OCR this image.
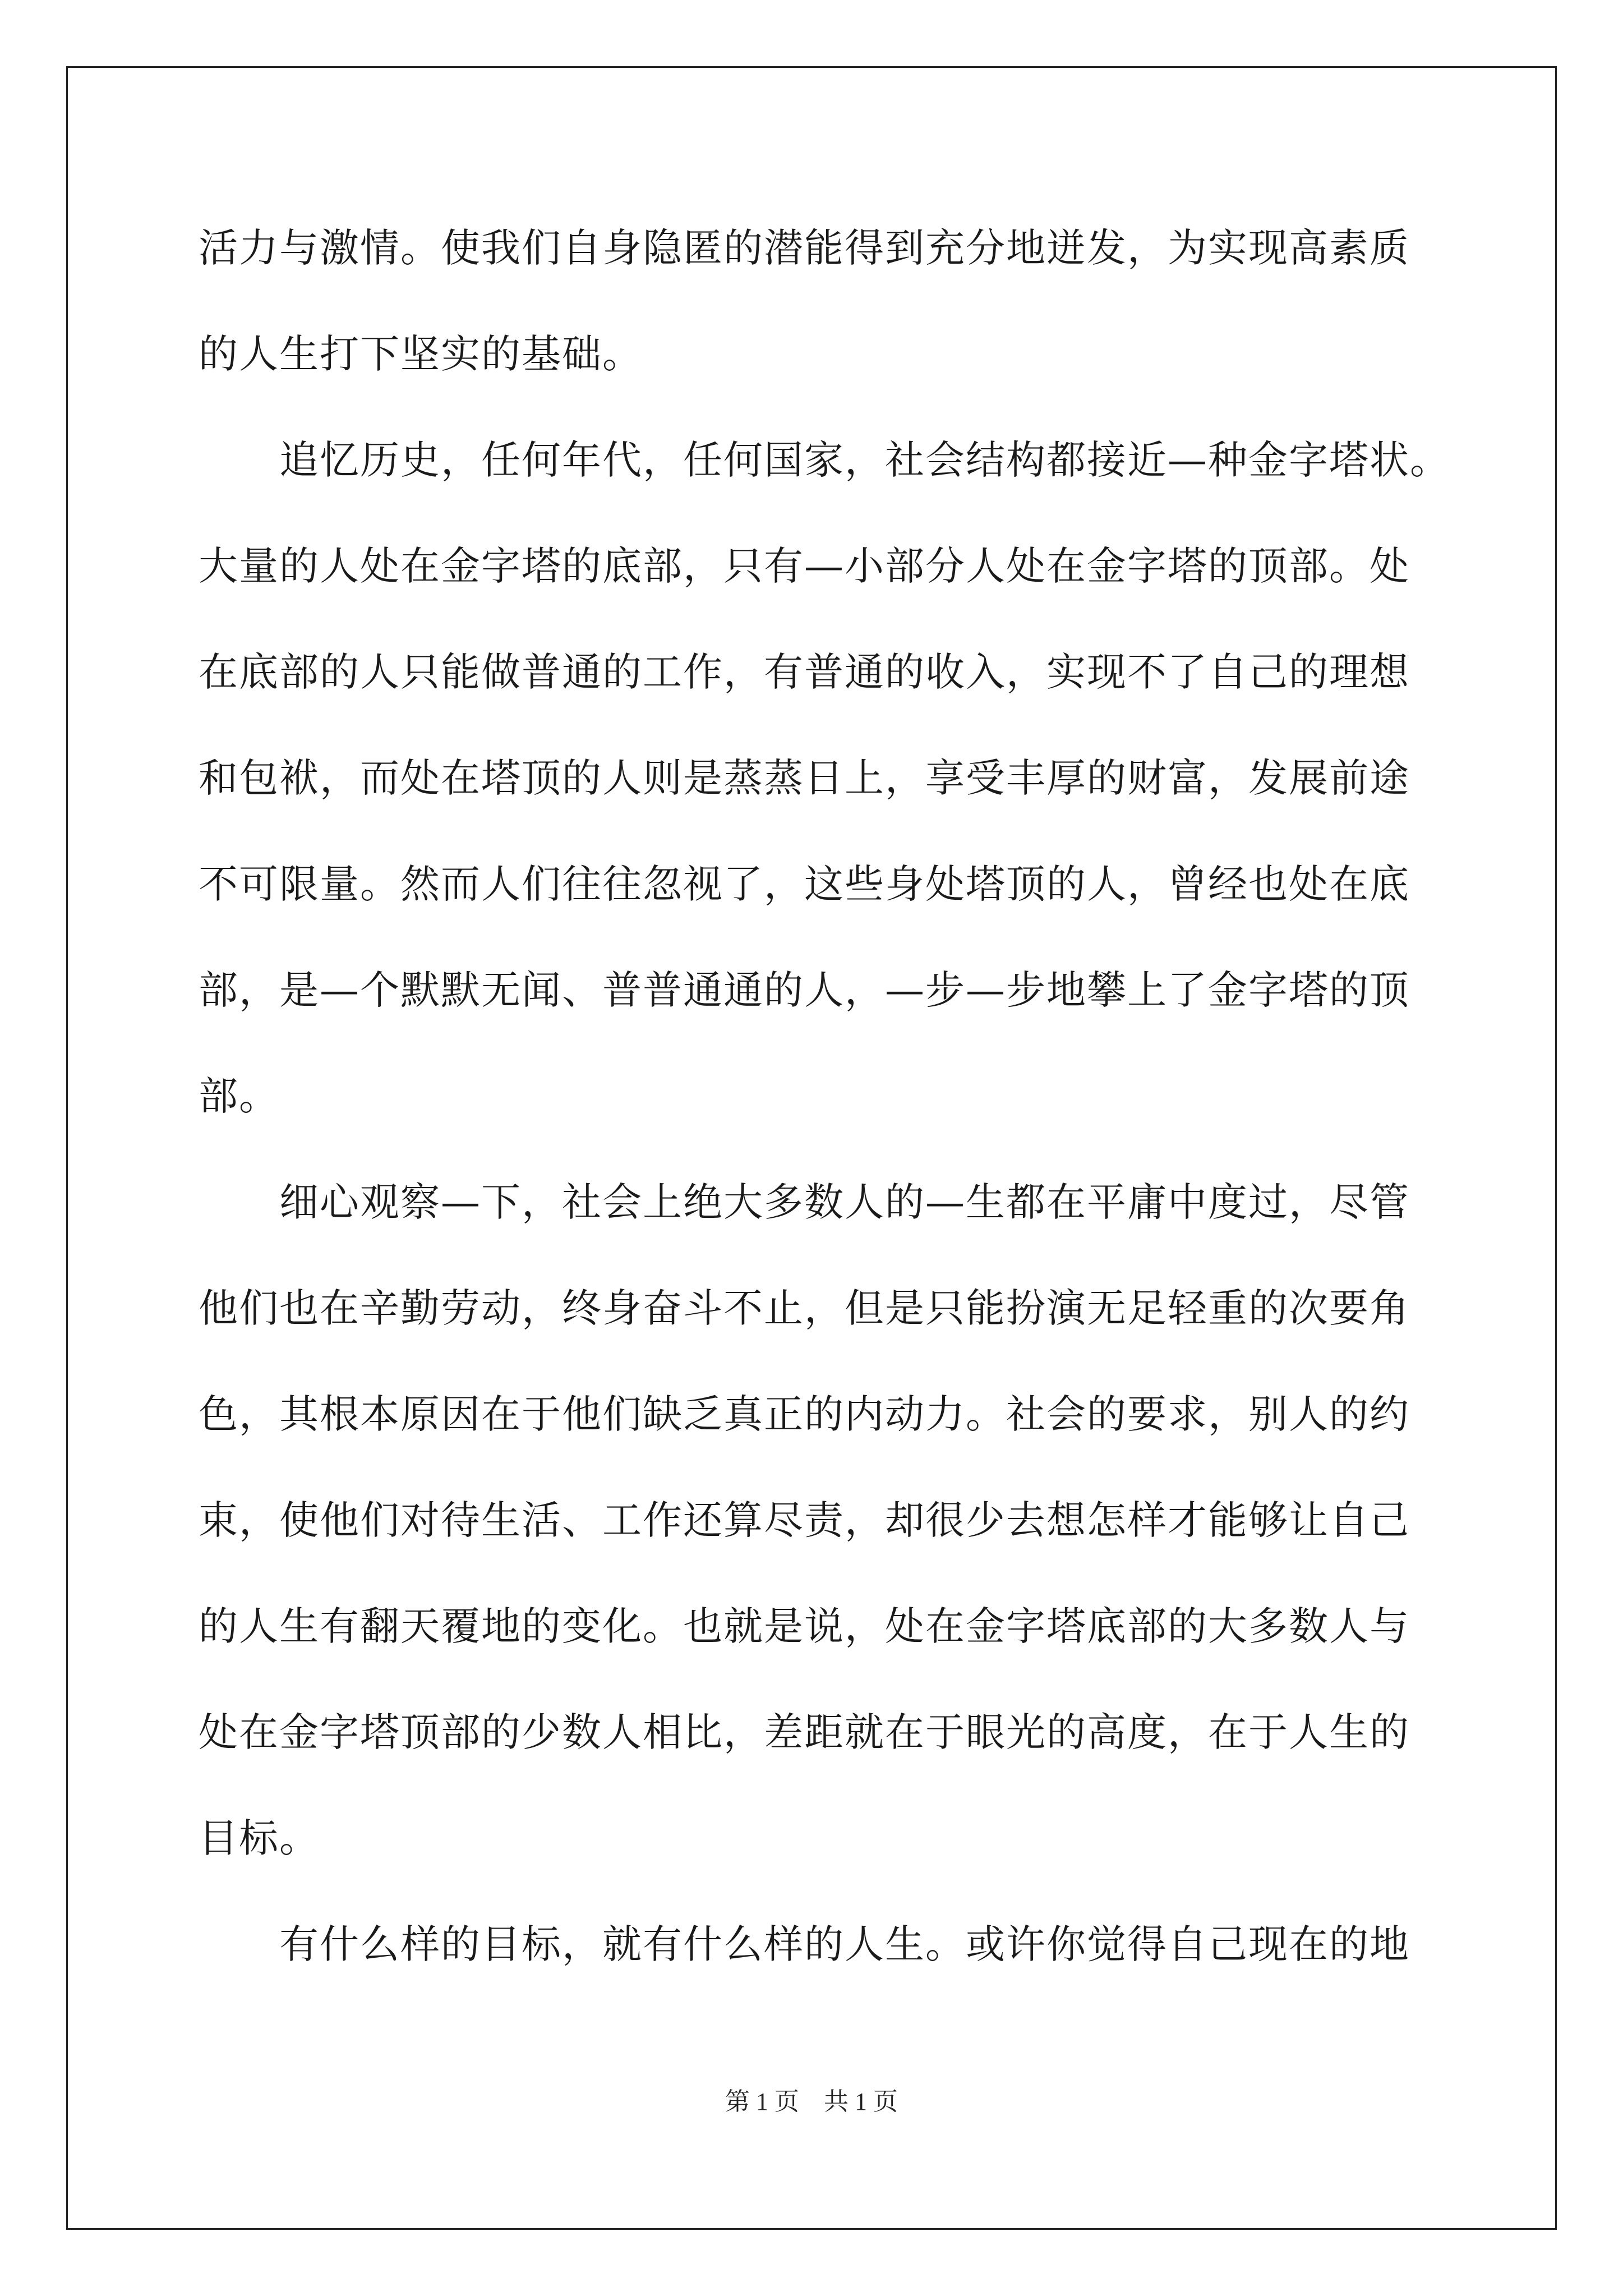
活力与激情。使我们自身隐匿的潜能得到充分地迸发，为实现高素质
的人生打下坚实的基础。
　　追忆历史，任何年代，任何国家，社会结构都接近—种金字塔状。
大量的人处在金字塔的底部，只有—小部分人处在金字塔的顶部。处
在底部的人只能做普通的工作，有普通的收入，实现不了自己的理想
和包袱，而处在塔顶的人则是蒸蒸日上，享受丰厚的财富，发展前途
不可限量。然而人们往往忽视了，这些身处塔顶的人，曾经也处在底
部，是—个默默无闻、普普通通的人，—步—步地攀上了金字塔的顶
部。
　　细心观察—下，社会上绝大多数人的—生都在平庸中度过，尽管
他们也在辛勤劳动，终身奋斗不止，但是只能扮演无足轻重的次要角
色，其根本原因在于他们缺乏真正的内动力。社会的要求，别人的约
束，使他们对待生活、工作还算尽责，却很少去想怎样才能够让自己
的人生有翻天覆地的变化。也就是说，处在金字塔底部的大多数人与
处在金字塔顶部的少数人相比，差距就在于眼光的高度，在于人生的
目标。
　　有什么样的目标，就有什么样的人生。或许你觉得自己现在的地
第 1 页　共 1 页
